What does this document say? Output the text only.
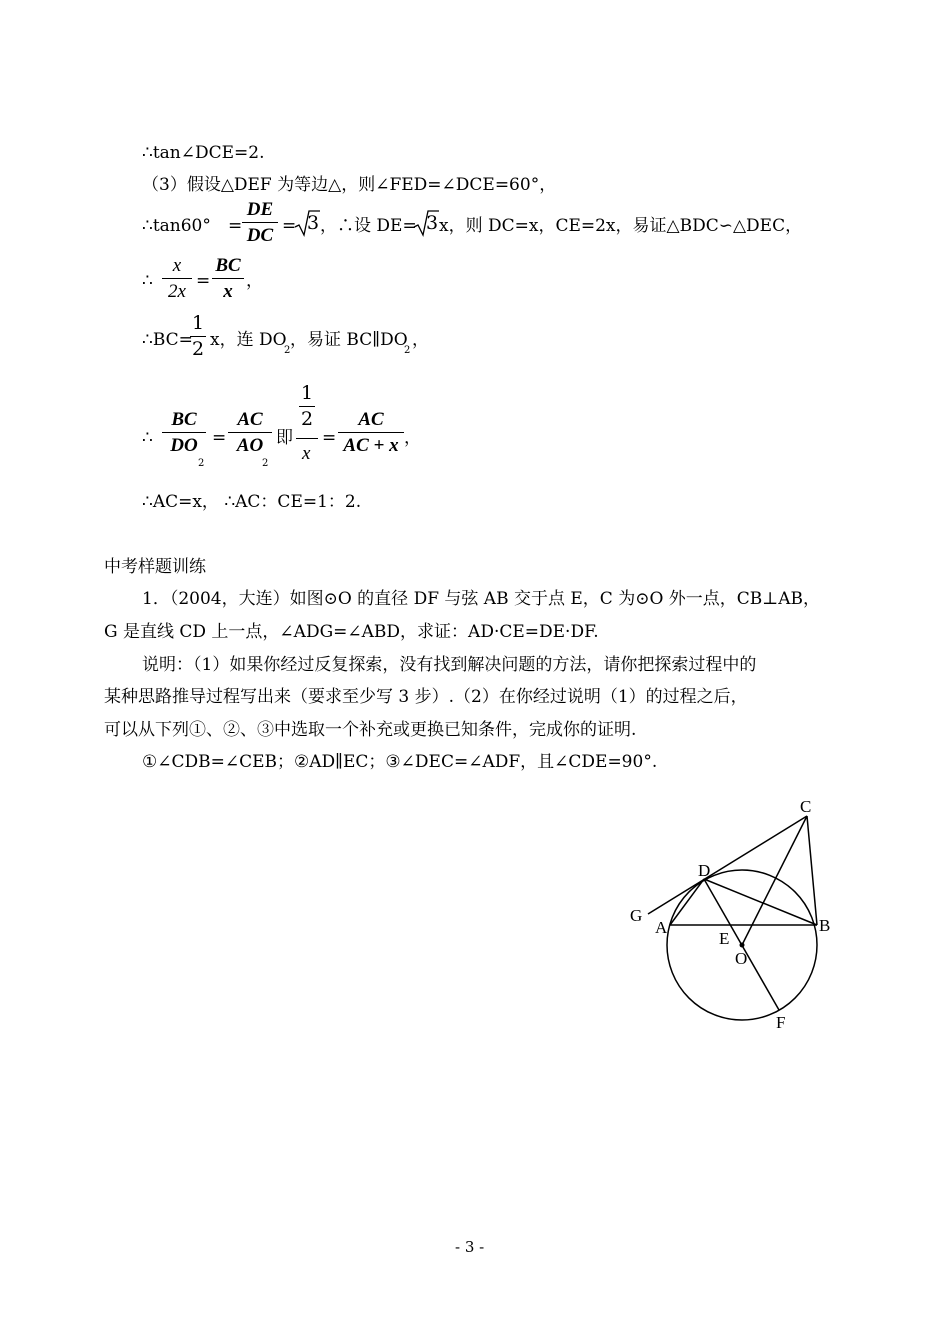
∴tan∠DCE=2.
（3）假设△DEF 为等边△，则∠FED=∠DCE=60°，
∴tan60° =
DE
DC = 3 ，∴设 DE= 3 x，则 DC=x，CE=2x，易证△BDC∽△DEC，
∴
x
2x =
BC
x ，
∴BC=
1
2 x，连 DO
2
，易证 BC∥DO
2
，
∴
BC
DO
2
=
AC
AO
2
即
1
2
x
=
AC
AC + x ，
∴AC=x， ∴AC：CE=1：2.
中考样题训练
1．（2004，大连）如图⊙O 的直径 DF 与弦 AB 交于点 E，C 为⊙O 外一点，CB⊥AB，
G 是直线 CD 上一点，∠ADG=∠ABD，求证：AD·CE=DE·DF.
说明：（1）如果你经过反复探索，没有找到解决问题的方法，请你把探索过程中的
某种思路推导过程写出来（要求至少写 3 步）.（2）在你经过说明（1）的过程之后，
可以从下列①、②、③中选取一个补充或更换已知条件，完成你的证明.
①∠CDB=∠CEB；②AD∥EC；③∠DEC=∠ADF，且∠CDE=90°.
C
D
G
A	B
E
O
F
- 3 -
